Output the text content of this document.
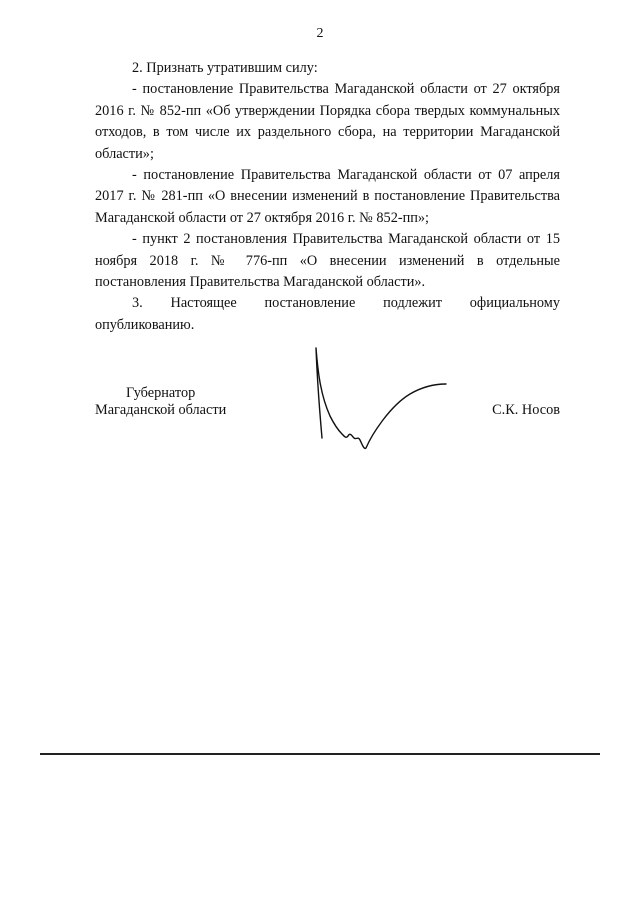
2

2. Признать утратившим силу:

- постановление Правительства Магаданской области от 27 октября 2016 г. № 852-пп «Об утверждении Порядка сбора твердых коммунальных отходов, в том числе их раздельного сбора, на территории Магаданской области»;

- постановление Правительства Магаданской области от 07 апреля 2017 г. № 281-пп «О внесении изменений в постановление Правительства Магаданской области от 27 октября 2016 г. № 852-пп»;

- пункт 2 постановления Правительства Магаданской области от 15 ноября 2018 г. № 776-пп «О внесении изменений в отдельные постановления Правительства Магаданской области».

3. Настоящее постановление подлежит официальному опубликованию.

Губернатор
Магаданской области	С.К. Носов
